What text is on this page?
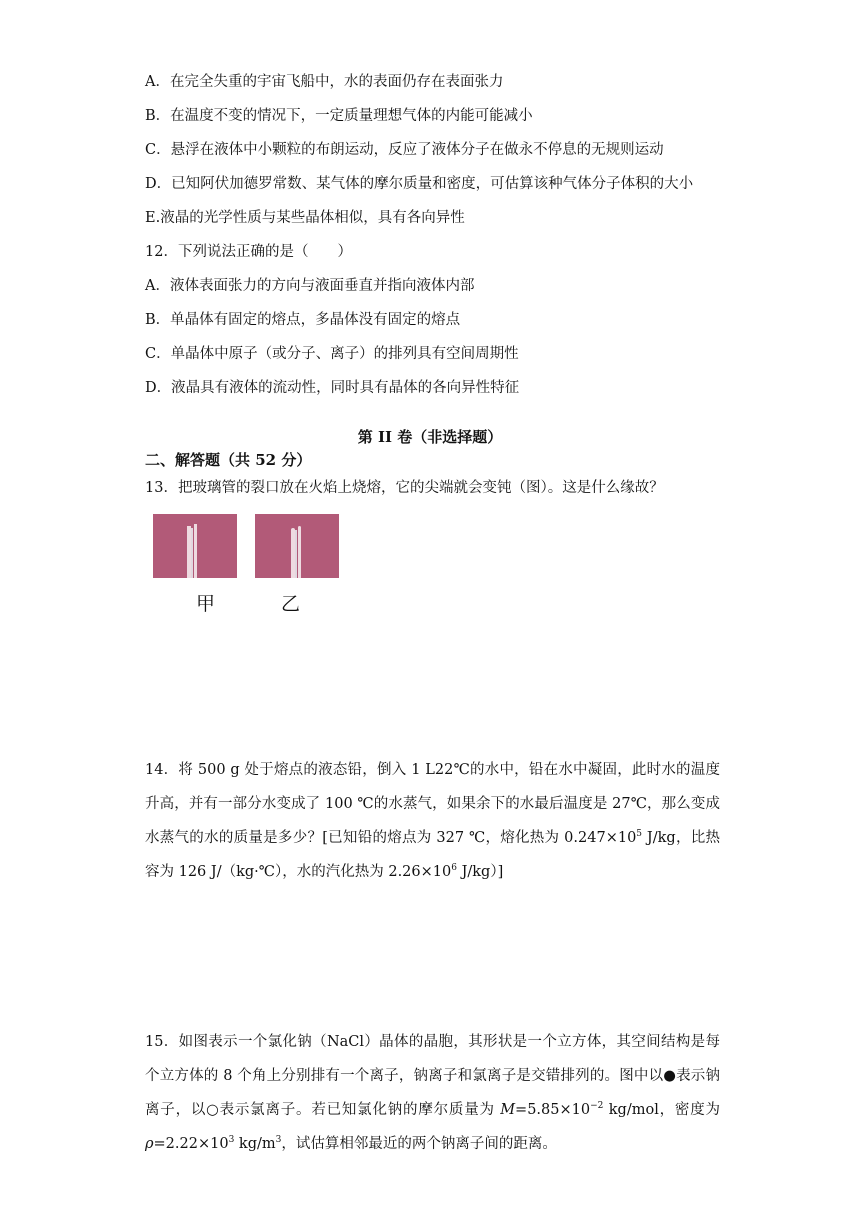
A．在完全失重的宇宙飞船中，水的表面仍存在表面张力
B．在温度不变的情况下，一定质量理想气体的内能可能减小
C．悬浮在液体中小颗粒的布朗运动，反应了液体分子在做永不停息的无规则运动
D．已知阿伏加德罗常数、某气体的摩尔质量和密度，可估算该种气体分子体积的大小
E.液晶的光学性质与某些晶体相似，具有各向异性
12．下列说法正确的是（　　）
A．液体表面张力的方向与液面垂直并指向液体内部
B．单晶体有固定的熔点，多晶体没有固定的熔点
C．单晶体中原子（或分子、离子）的排列具有空间周期性
D．液晶具有液体的流动性，同时具有晶体的各向异性特征
第 II 卷（非选择题）
二、解答题（共 52 分）
13．把玻璃管的裂口放在火焰上烧熔，它的尖端就会变钝（图）。这是什么缘故？
甲	乙
14．将 500 g 处于熔点的液态铅，倒入 1 L22℃的水中，铅在水中凝固，此时水的温度升高，并有一部分水变成了 100 ℃的水蒸气，如果余下的水最后温度是 27℃，那么变成水蒸气的水的质量是多少？[已知铅的熔点为 327 ℃，熔化热为 $0.247\times 10^5$ J/kg，比热容为 126 J/（kg·℃），水的汽化热为 $2.26\times 10^6$ J/kg）]
15．如图表示一个氯化钠（NaCl）晶体的晶胞，其形状是一个立方体，其空间结构是每个立方体的 8 个角上分别排有一个离子，钠离子和氯离子是交错排列的。图中以●表示钠离子，以○表示氯离子。若已知氯化钠的摩尔质量为 $M=5.85\times 10^{-2}$ kg/mol，密度为 $\rho=2.22\times 10^3$ $kg/m^3$，试估算相邻最近的两个钠离子间的距离。
